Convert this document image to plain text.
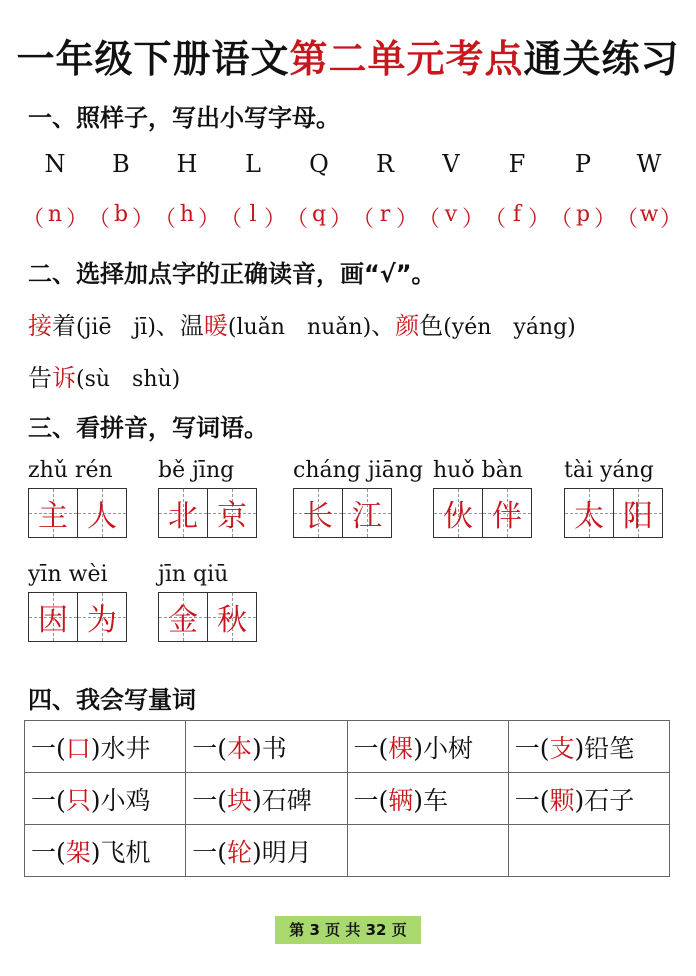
一年级下册语文第二单元考点通关练习
一、照样子，写出小写字母。
N	B	H	L	Q	R	V	F	P	W
（ n ） （ b ） （ h ） （ l ） （ q ） （ r ） （ v ） （ f ） （ p ） （ w ）
二、选择加点字的正确读音，画“√”。
接着(jiē　jī)、温暖(luǎn　nuǎn)、颜色(yén　yáng)
告诉(sù　shù)
三、看拼音，写词语。
zhǔ rén
主 人
bě jīng
北 京
cháng jiāng
长 江
huǒ bàn
伙 伴
tài yáng
太 阳
yīn wèi
因 为
jīn qiū
金 秋
四、我会写量词
一(口)水井	一(本)书	一(棵)小树	一(支)铅笔
一(只)小鸡	一(块)石碑	一(辆)车	一(颗)石子
一(架)飞机	一(轮)明月		
第 3 页 共 32 页
